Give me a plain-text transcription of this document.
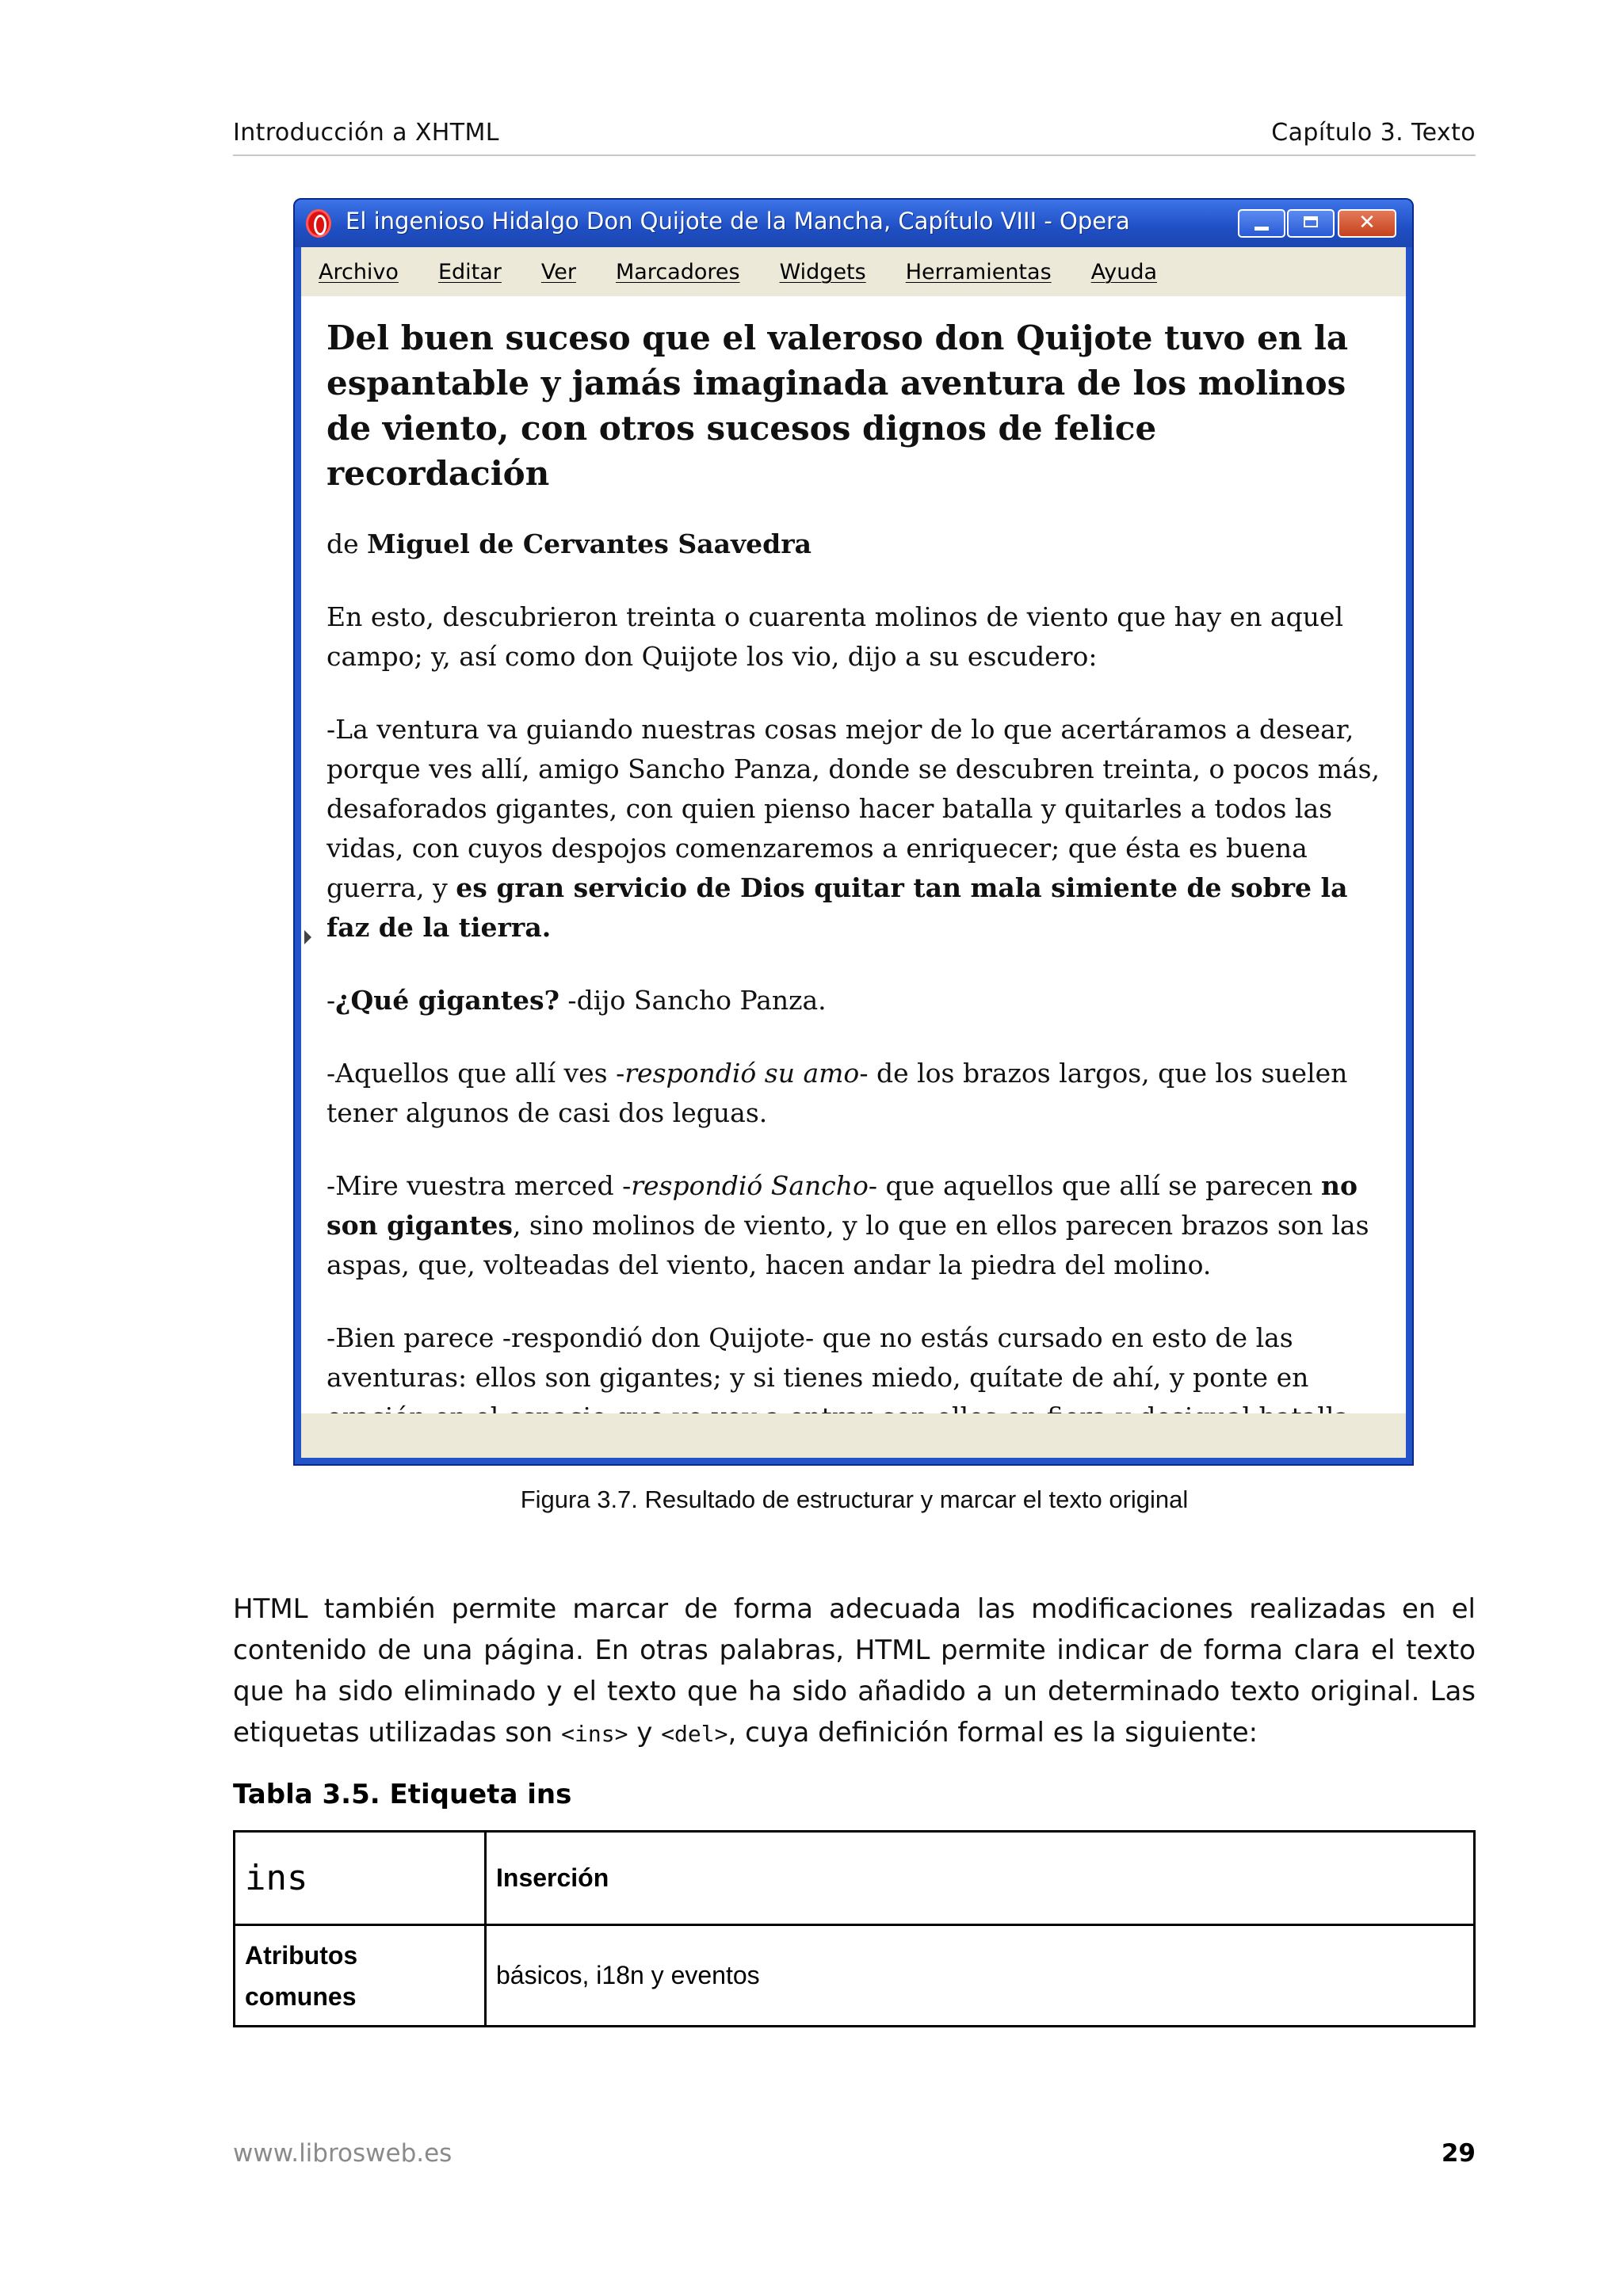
Introducción a XHTML	Capítulo 3. Texto
El ingenioso Hidalgo Don Quijote de la Mancha, Capítulo VIII - Opera	✕
Archivo Editar Ver Marcadores Widgets Herramientas Ayuda
Del buen suceso que el valeroso don Quijote tuvo en la espantable y jamás imaginada aventura de los molinos de viento, con otros sucesos dignos de felice recordación

de Miguel de Cervantes Saavedra

En esto, descubrieron treinta o cuarenta molinos de viento que hay en aquel campo; y, así como don Quijote los vio, dijo a su escudero:

-La ventura va guiando nuestras cosas mejor de lo que acertáramos a desear, porque ves allí, amigo Sancho Panza, donde se descubren treinta, o pocos más, desaforados gigantes, con quien pienso hacer batalla y quitarles a todos las vidas, con cuyos despojos comenzaremos a enriquecer; que ésta es buena guerra, y es gran servicio de Dios quitar tan mala simiente de sobre la faz de la tierra.

-¿Qué gigantes? -dijo Sancho Panza.

-Aquellos que allí ves -respondió su amo- de los brazos largos, que los suelen tener algunos de casi dos leguas.

-Mire vuestra merced -respondió Sancho- que aquellos que allí se parecen no son gigantes, sino molinos de viento, y lo que en ellos parecen brazos son las aspas, que, volteadas del viento, hacen andar la piedra del molino.

-Bien parece -respondió don Quijote- que no estás cursado en esto de las aventuras: ellos son gigantes; y si tienes miedo, quítate de ahí, y ponte en

Figura 3.7. Resultado de estructurar y marcar el texto original
HTML también permite marcar de forma adecuada las modificaciones realizadas en el contenido de una página. En otras palabras, HTML permite indicar de forma clara el texto que ha sido eliminado y el texto que ha sido añadido a un determinado texto original. Las etiquetas utilizadas son <ins> y <del>, cuya definición formal es la siguiente:
Tabla 3.5. Etiqueta ins
ins	Inserción

Atributos comunes	básicos, i18n y eventos
www.librosweb.es	29
